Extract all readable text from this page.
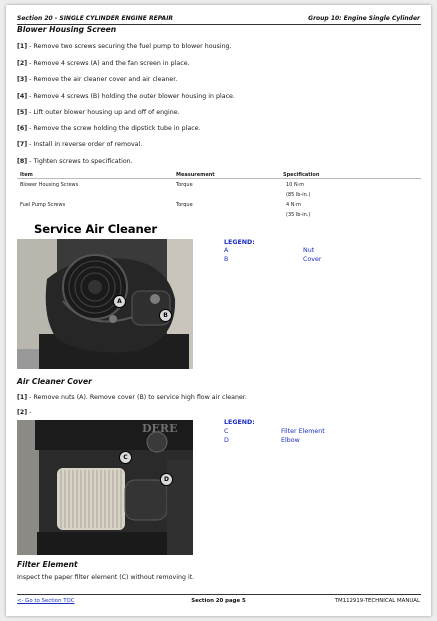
Section 20 - SINGLE CYLINDER ENGINE REPAIR	Group 10: Engine Single Cylinder
Blower Housing Screen
[1] - Remove two screws securing the fuel pump to blower housing.
[2] - Remove 4 screws (A) and the fan screen in place.
[3] - Remove the air cleaner cover and air cleaner.
[4] - Remove 4 screws (B) holding the outer blower housing in place.
[5] - Lift outer blower housing up and off of engine.
[6] - Remove the screw holding the dipstick tube in place.
[7] - Install in reverse order of removal.
[8] - Tighten screws to specification.
Item	Measurement	Specification
Blower Housing Screws	Torque	10 N·m
(85 lb-in.)
Fuel Pump Screws	Torque	4 N·m
(35 lb-in.)
Service Air Cleaner
A
B
LEGEND:
A	Nut
B	Cover
Air Cleaner Cover
[1] - Remove nuts (A). Remove cover (B) to service high flow air cleaner.
[2] -
DERE
C
D
LEGEND:
C	Filter Element
D	Elbow
Filter Element
Inspect the paper filter element (C) without removing it.
<- Go to Section TOC	Section 20 page 5	TM112919-TECHNICAL MANUAL
